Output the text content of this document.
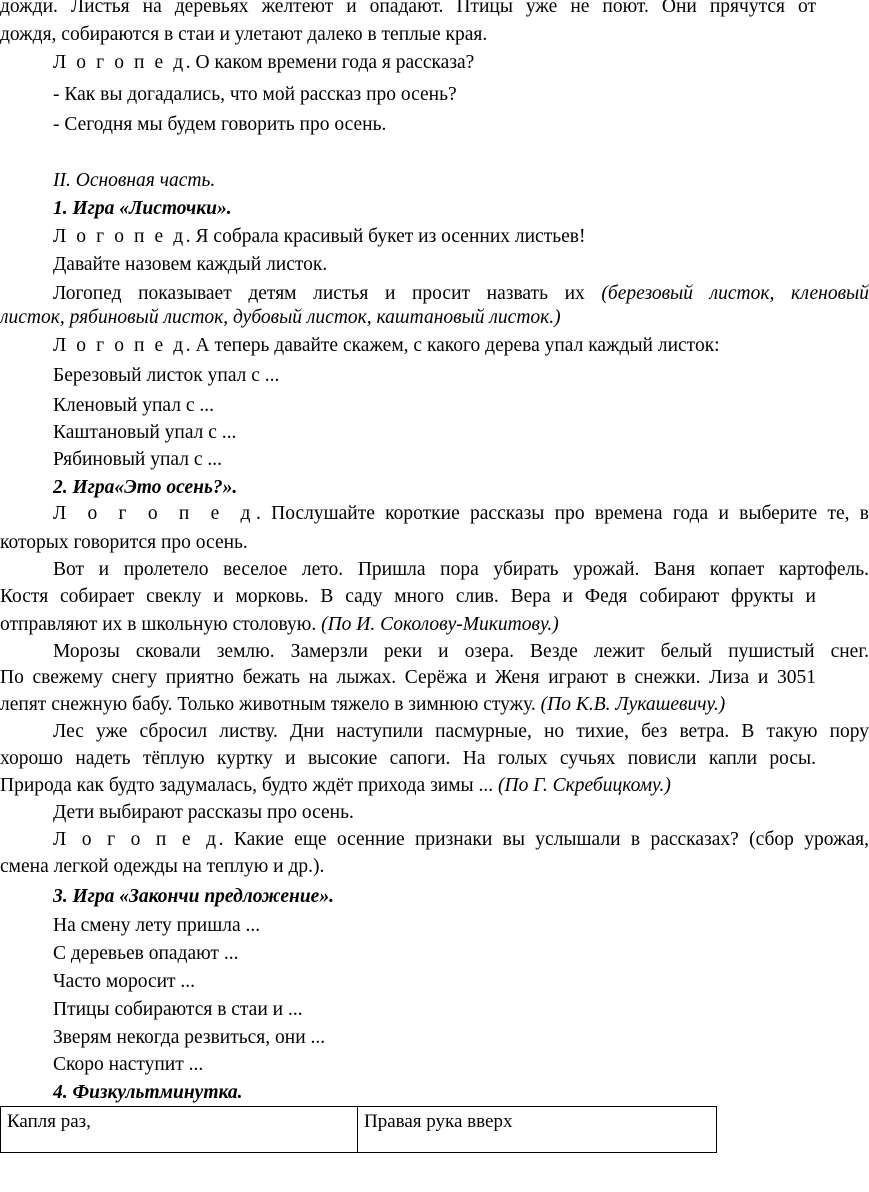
дожди. Листья на деревьях желтеют и опадают. Птицы уже не поют. Они прячутся от
дождя, собираются в стаи и улетают далеко в теплые края.
Л о г о п е д. О каком времени года я рассказа?
- Как вы догадались, что мой рассказ про осень?
- Сегодня мы будем говорить про осень.
II. Основная часть.
1. Игра «Листочки».
Л о г о п е д. Я собрала красивый букет из осенних листьев!
Давайте назовем каждый листок.
Логопед показывает детям листья и просит назвать их (березовый листок, кленовый
листок, рябиновый листок, дубовый листок, каштановый листок.)
Л о г о п е д. А теперь давайте скажем, с какого дерева упал каждый листок:
Березовый листок упал с ...
Кленовый упал с ...
Каштановый упал с ...
Рябиновый упал с ...
2. Игра«Это осень?».
Л о г о п е д. Послушайте короткие рассказы про времена года и выберите те, в
которых говорится про осень.
Вот и пролетело веселое лето. Пришла пора убирать урожай. Ваня копает картофель.
Костя собирает свеклу и морковь. В саду много слив. Вера и Федя собирают фрукты и
отправляют их в школьную столовую. (По И. Соколову-Микитову.)
Морозы сковали землю. Замерзли реки и озера. Везде лежит белый пушистый снег.
По свежему снегу приятно бежать на лыжах. Серёжа и Женя играют в снежки. Лиза и 3051
лепят снежную бабу. Только животным тяжело в зимнюю стужу. (По К.В. Лукашевичу.)
Лес уже сбросил листву. Дни наступили пасмурные, но тихие, без ветра. В такую пору
хорошо надеть тёплую куртку и высокие сапоги. На голых сучьях повисли капли росы.
Природа как будто задумалась, будто ждёт прихода зимы ... (По Г. Скребицкому.)
Дети выбирают рассказы про осень.
Л о г о п е д. Какие еще осенние признаки вы услышали в рассказах? (сбор урожая,
смена легкой одежды на теплую и др.).
3. Игра «Закончи предложение».
На смену лету пришла ...
С деревьев опадают ...
Часто моросит ...
Птицы собираются в стаи и ...
Зверям некогда резвиться, они ...
Скоро наступит ...
4. Физкультминутка.
Капля раз,	Правая рука вверх
